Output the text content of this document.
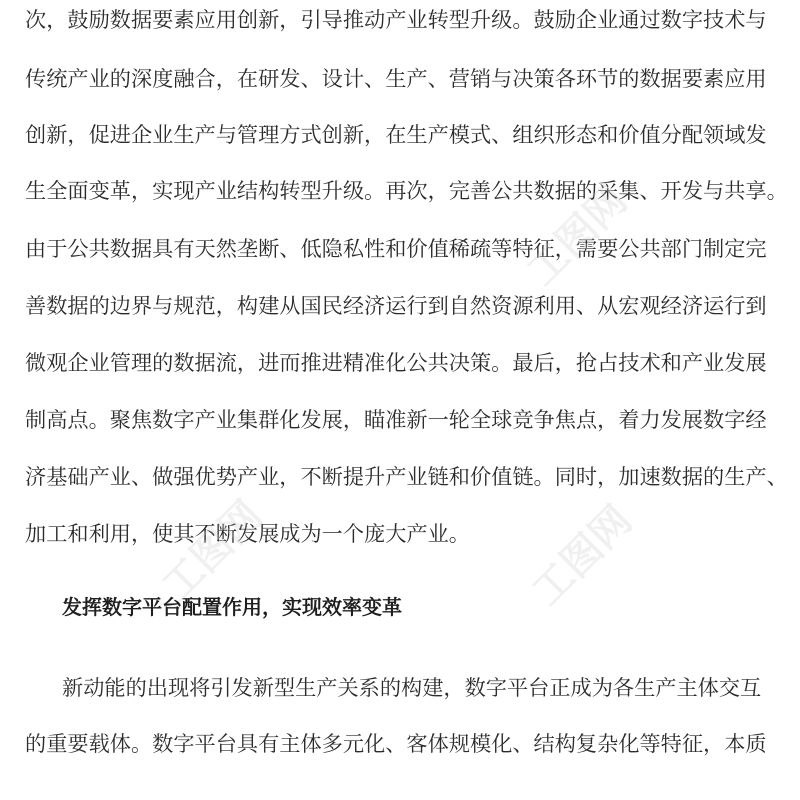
次，鼓励数据要素应用创新，引导推动产业转型升级。鼓励企业通过数字技术与
传统产业的深度融合，在研发、设计、生产、营销与决策各环节的数据要素应用
创新，促进企业生产与管理方式创新，在生产模式、组织形态和价值分配领域发
生全面变革，实现产业结构转型升级。再次，完善公共数据的采集、开发与共享。
由于公共数据具有天然垄断、低隐私性和价值稀疏等特征，需要公共部门制定完
善数据的边界与规范，构建从国民经济运行到自然资源利用、从宏观经济运行到
微观企业管理的数据流，进而推进精准化公共决策。最后，抢占技术和产业发展
制高点。聚焦数字产业集群化发展，瞄准新一轮全球竞争焦点，着力发展数字经
济基础产业、做强优势产业，不断提升产业链和价值链。同时，加速数据的生产、
加工和利用，使其不断发展成为一个庞大产业。
发挥数字平台配置作用，实现效率变革
新动能的出现将引发新型生产关系的构建，数字平台正成为各生产主体交互
的重要载体。数字平台具有主体多元化、客体规模化、结构复杂化等特征，本质
工图网
工图网	工图网
